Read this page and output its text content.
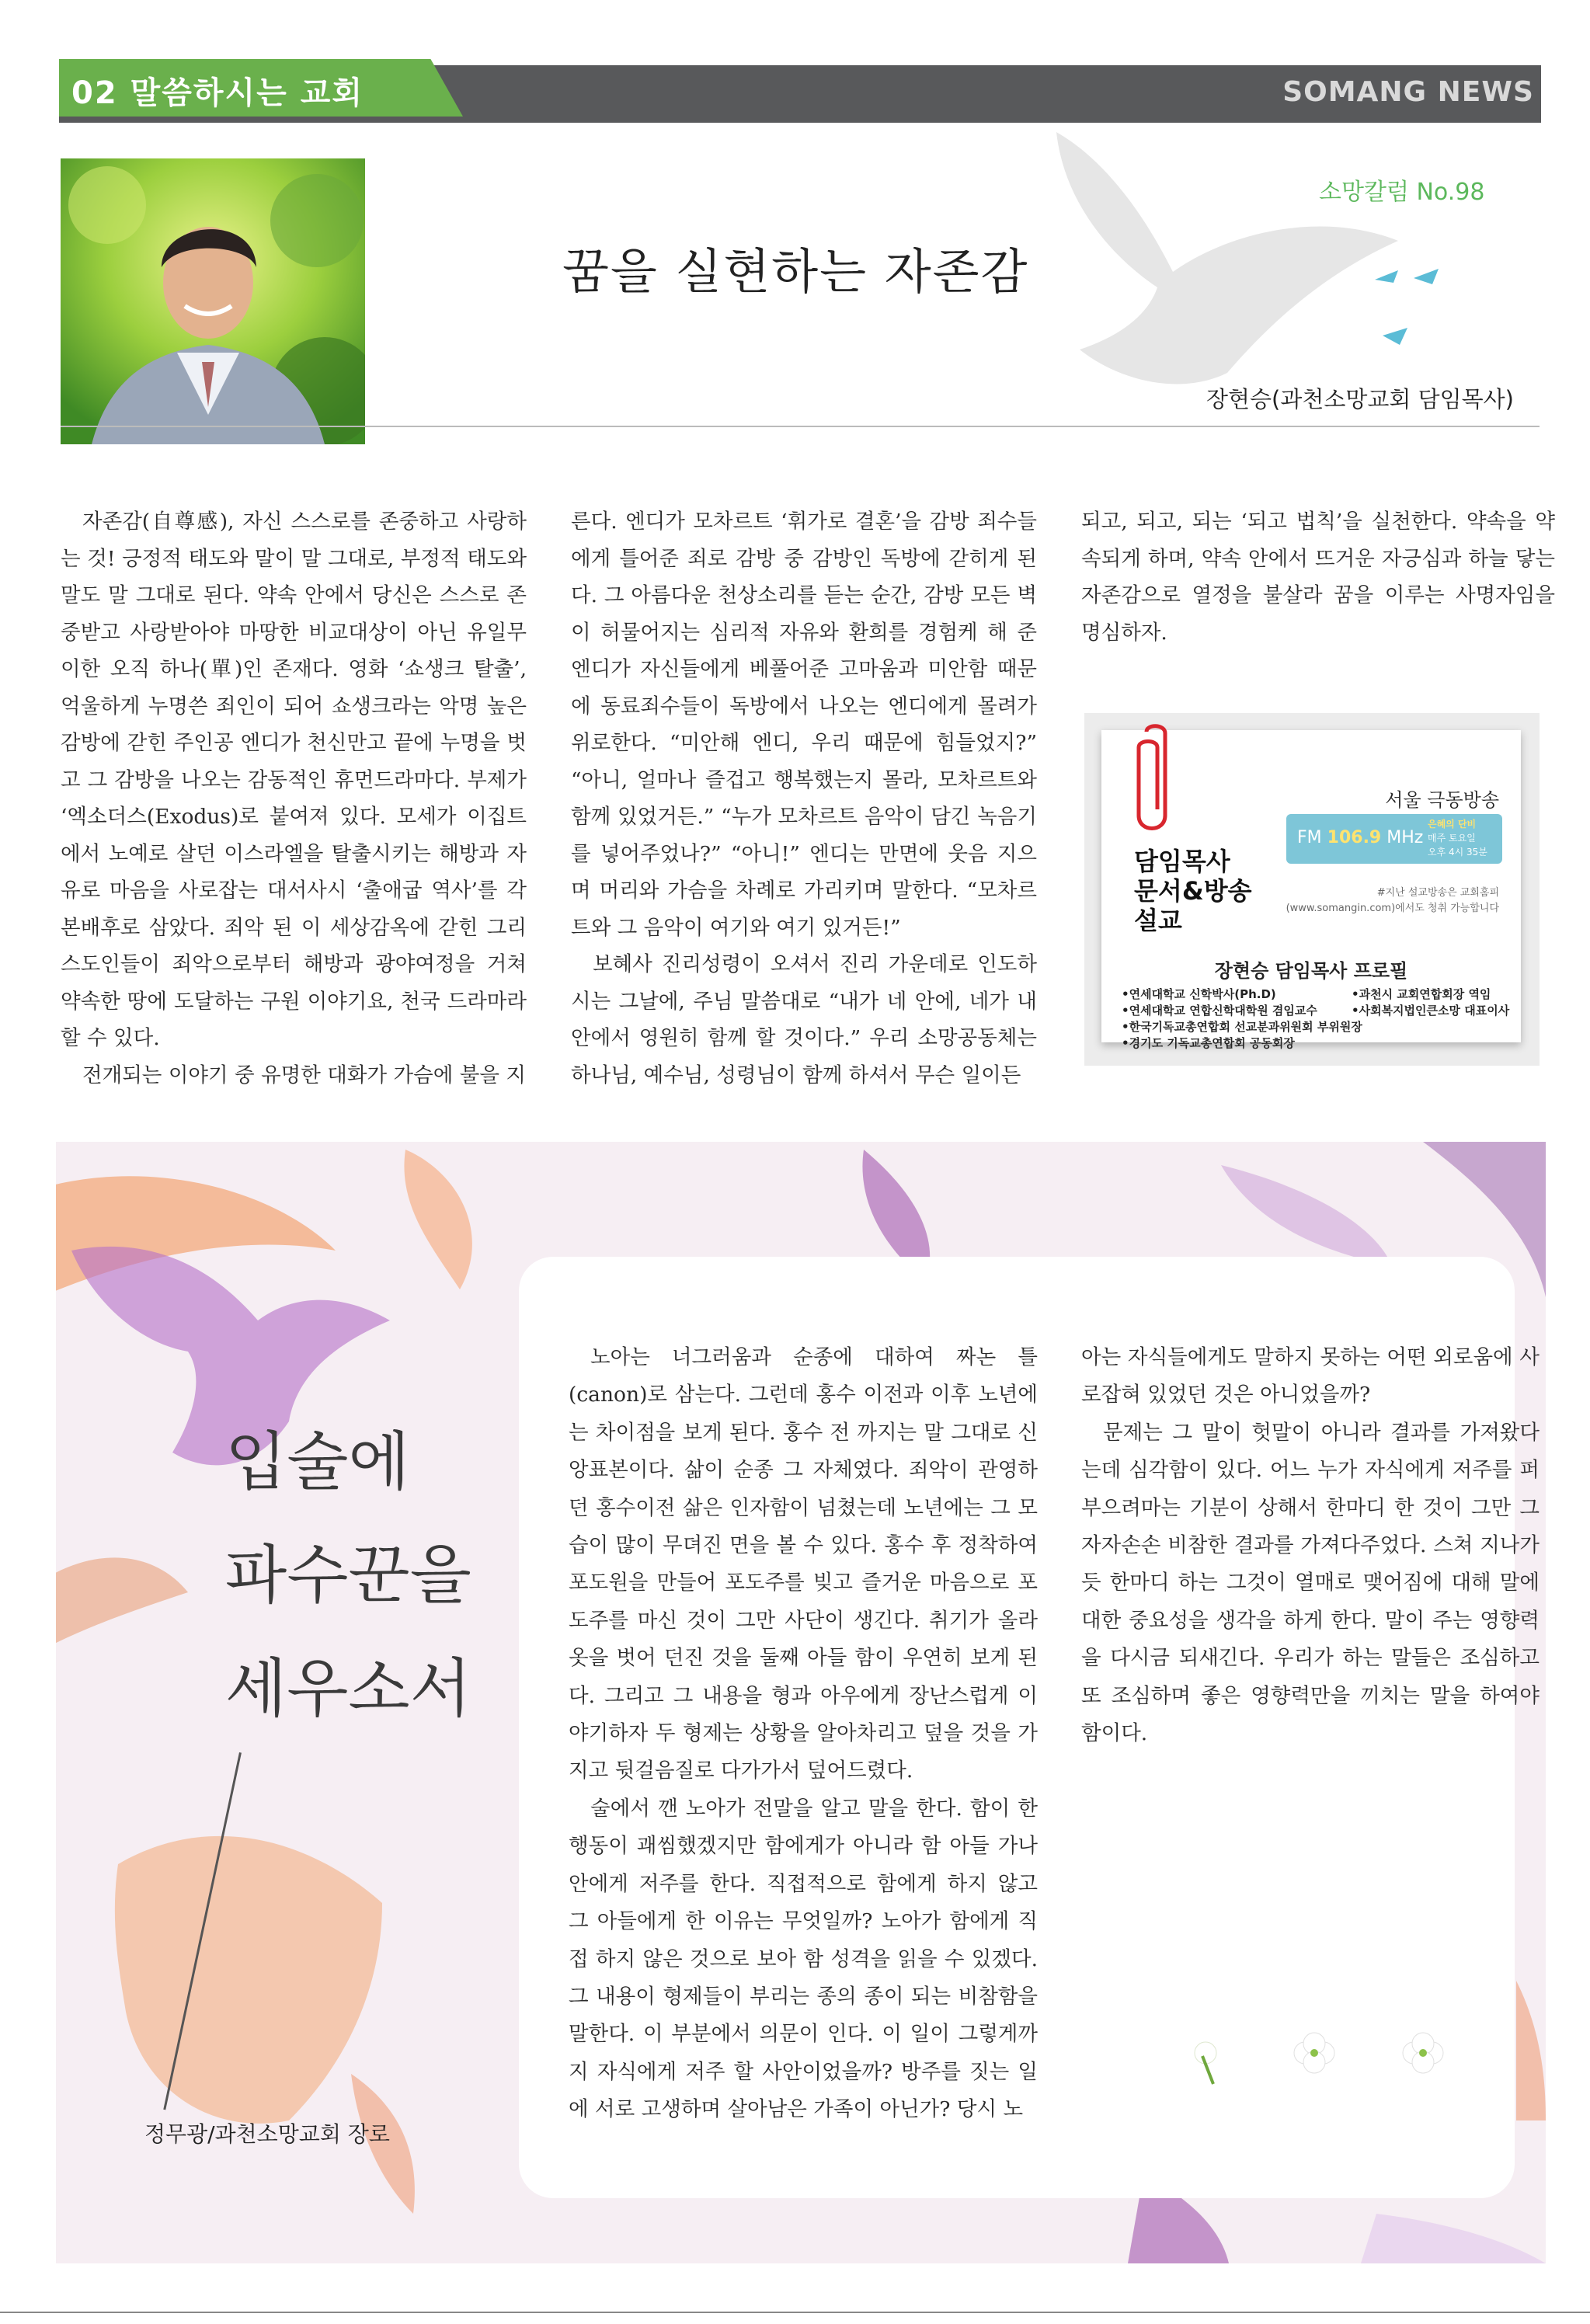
02 말씀하시는 교회	SOMANG NEWS
소망칼럼 No.98
꿈을 실현하는 자존감
장현승(과천소망교회 담임목사)

자존감(自尊感), 자신 스스로를 존중하고 사랑하는 것! 긍정적 태도와 말이 말 그대로, 부정적 태도와 말도 말 그대로 된다. 약속 안에서 당신은 스스로 존중받고 사랑받아야 마땅한 비교대상이 아닌 유일무이한 오직 하나(單)인 존재다. 영화 ‘쇼생크 탈출’, 억울하게 누명쓴 죄인이 되어 쇼생크라는 악명 높은 감방에 갇힌 주인공 엔디가 천신만고 끝에 누명을 벗고 그 감방을 나오는 감동적인 휴먼드라마다. 부제가 ‘엑소더스(Exodus)로 붙여져 있다. 모세가 이집트에서 노예로 살던 이스라엘을 탈출시키는 해방과 자유로 마음을 사로잡는 대서사시 ‘출애굽 역사’를 각본배후로 삼았다. 죄악 된 이 세상감옥에 갇힌 그리스도인들이 죄악으로부터 해방과 광야여정을 거쳐 약속한 땅에 도달하는 구원 이야기요, 천국 드라마라 할 수 있다.

전개되는 이야기 중 유명한 대화가 가슴에 불을 지

른다. 엔디가 모차르트 ‘휘가로 결혼’을 감방 죄수들에게 틀어준 죄로 감방 중 감방인 독방에 갇히게 된다. 그 아름다운 천상소리를 듣는 순간, 감방 모든 벽이 허물어지는 심리적 자유와 환희를 경험케 해 준 엔디가 자신들에게 베풀어준 고마움과 미안함 때문에 동료죄수들이 독방에서 나오는 엔디에게 몰려가 위로한다. “미안해 엔디, 우리 때문에 힘들었지?” “아니, 얼마나 즐겁고 행복했는지 몰라, 모차르트와 함께 있었거든.” “누가 모차르트 음악이 담긴 녹음기를 넣어주었나?” “아니!” 엔디는 만면에 웃음 지으며 머리와 가슴을 차례로 가리키며 말한다. “모차르트와 그 음악이 여기와 여기 있거든!”

보혜사 진리성령이 오셔서 진리 가운데로 인도하시는 그날에, 주님 말씀대로 “내가 네 안에, 네가 내 안에서 영원히 함께 할 것이다.” 우리 소망공동체는 하나님, 예수님, 성령님이 함께 하셔서 무슨 일이든

되고, 되고, 되는 ‘되고 법칙’을 실천한다. 약속을 약속되게 하며, 약속 안에서 뜨거운 자긍심과 하늘 닿는 자존감으로 열정을 불살라 꿈을 이루는 사명자임을 명심하자.

담임목사
문서&방송
설교
서울 극동방송
FM 106.9 MHz
은혜의 단비
매주 토요일
오후 4시 35분
#지난 설교방송은 교회홈피
(www.somangin.com)에서도 청취 가능합니다
장현승 담임목사 프로필
•연세대학교 신학박사(Ph.D)
•연세대학교 연합신학대학원 겸임교수
•한국기독교총연합회 선교분과위원회 부위원장
•경기도 기독교총연합회 공동회장
•과천시 교회연합회장 역임
•사회복지법인큰소망 대표이사
입술에
파수꾼을
세우소서
정무광/과천소망교회 장로

노아는 너그러움과 순종에 대하여 짜논 틀(canon)로 삼는다. 그런데 홍수 이전과 이후 노년에는 차이점을 보게 된다. 홍수 전 까지는 말 그대로 신앙표본이다. 삶이 순종 그 자체였다. 죄악이 관영하던 홍수이전 삶은 인자함이 넘쳤는데 노년에는 그 모습이 많이 무뎌진 면을 볼 수 있다. 홍수 후 정착하여 포도원을 만들어 포도주를 빚고 즐거운 마음으로 포도주를 마신 것이 그만 사단이 생긴다. 취기가 올라 옷을 벗어 던진 것을 둘째 아들 함이 우연히 보게 된다. 그리고 그 내용을 형과 아우에게 장난스럽게 이야기하자 두 형제는 상황을 알아차리고 덮을 것을 가지고 뒷걸음질로 다가가서 덮어드렸다.

술에서 깬 노아가 전말을 알고 말을 한다. 함이 한 행동이 괘씸했겠지만 함에게가 아니라 함 아들 가나안에게 저주를 한다. 직접적으로 함에게 하지 않고 그 아들에게 한 이유는 무엇일까? 노아가 함에게 직접 하지 않은 것으로 보아 함 성격을 읽을 수 있겠다. 그 내용이 형제들이 부리는 종의 종이 되는 비참함을 말한다. 이 부분에서 의문이 인다. 이 일이 그렇게까지 자식에게 저주 할 사안이었을까? 방주를 짓는 일에 서로 고생하며 살아남은 가족이 아닌가? 당시 노

아는 자식들에게도 말하지 못하는 어떤 외로움에 사로잡혀 있었던 것은 아니었을까?

문제는 그 말이 헛말이 아니라 결과를 가져왔다는데 심각함이 있다. 어느 누가 자식에게 저주를 퍼부으려마는 기분이 상해서 한마디 한 것이 그만 그 자자손손 비참한 결과를 가져다주었다. 스쳐 지나가듯 한마디 하는 그것이 열매로 맺어짐에 대해 말에 대한 중요성을 생각을 하게 한다. 말이 주는 영향력을 다시금 되새긴다. 우리가 하는 말들은 조심하고 또 조심하며 좋은 영향력만을 끼치는 말을 하여야 함이다.
